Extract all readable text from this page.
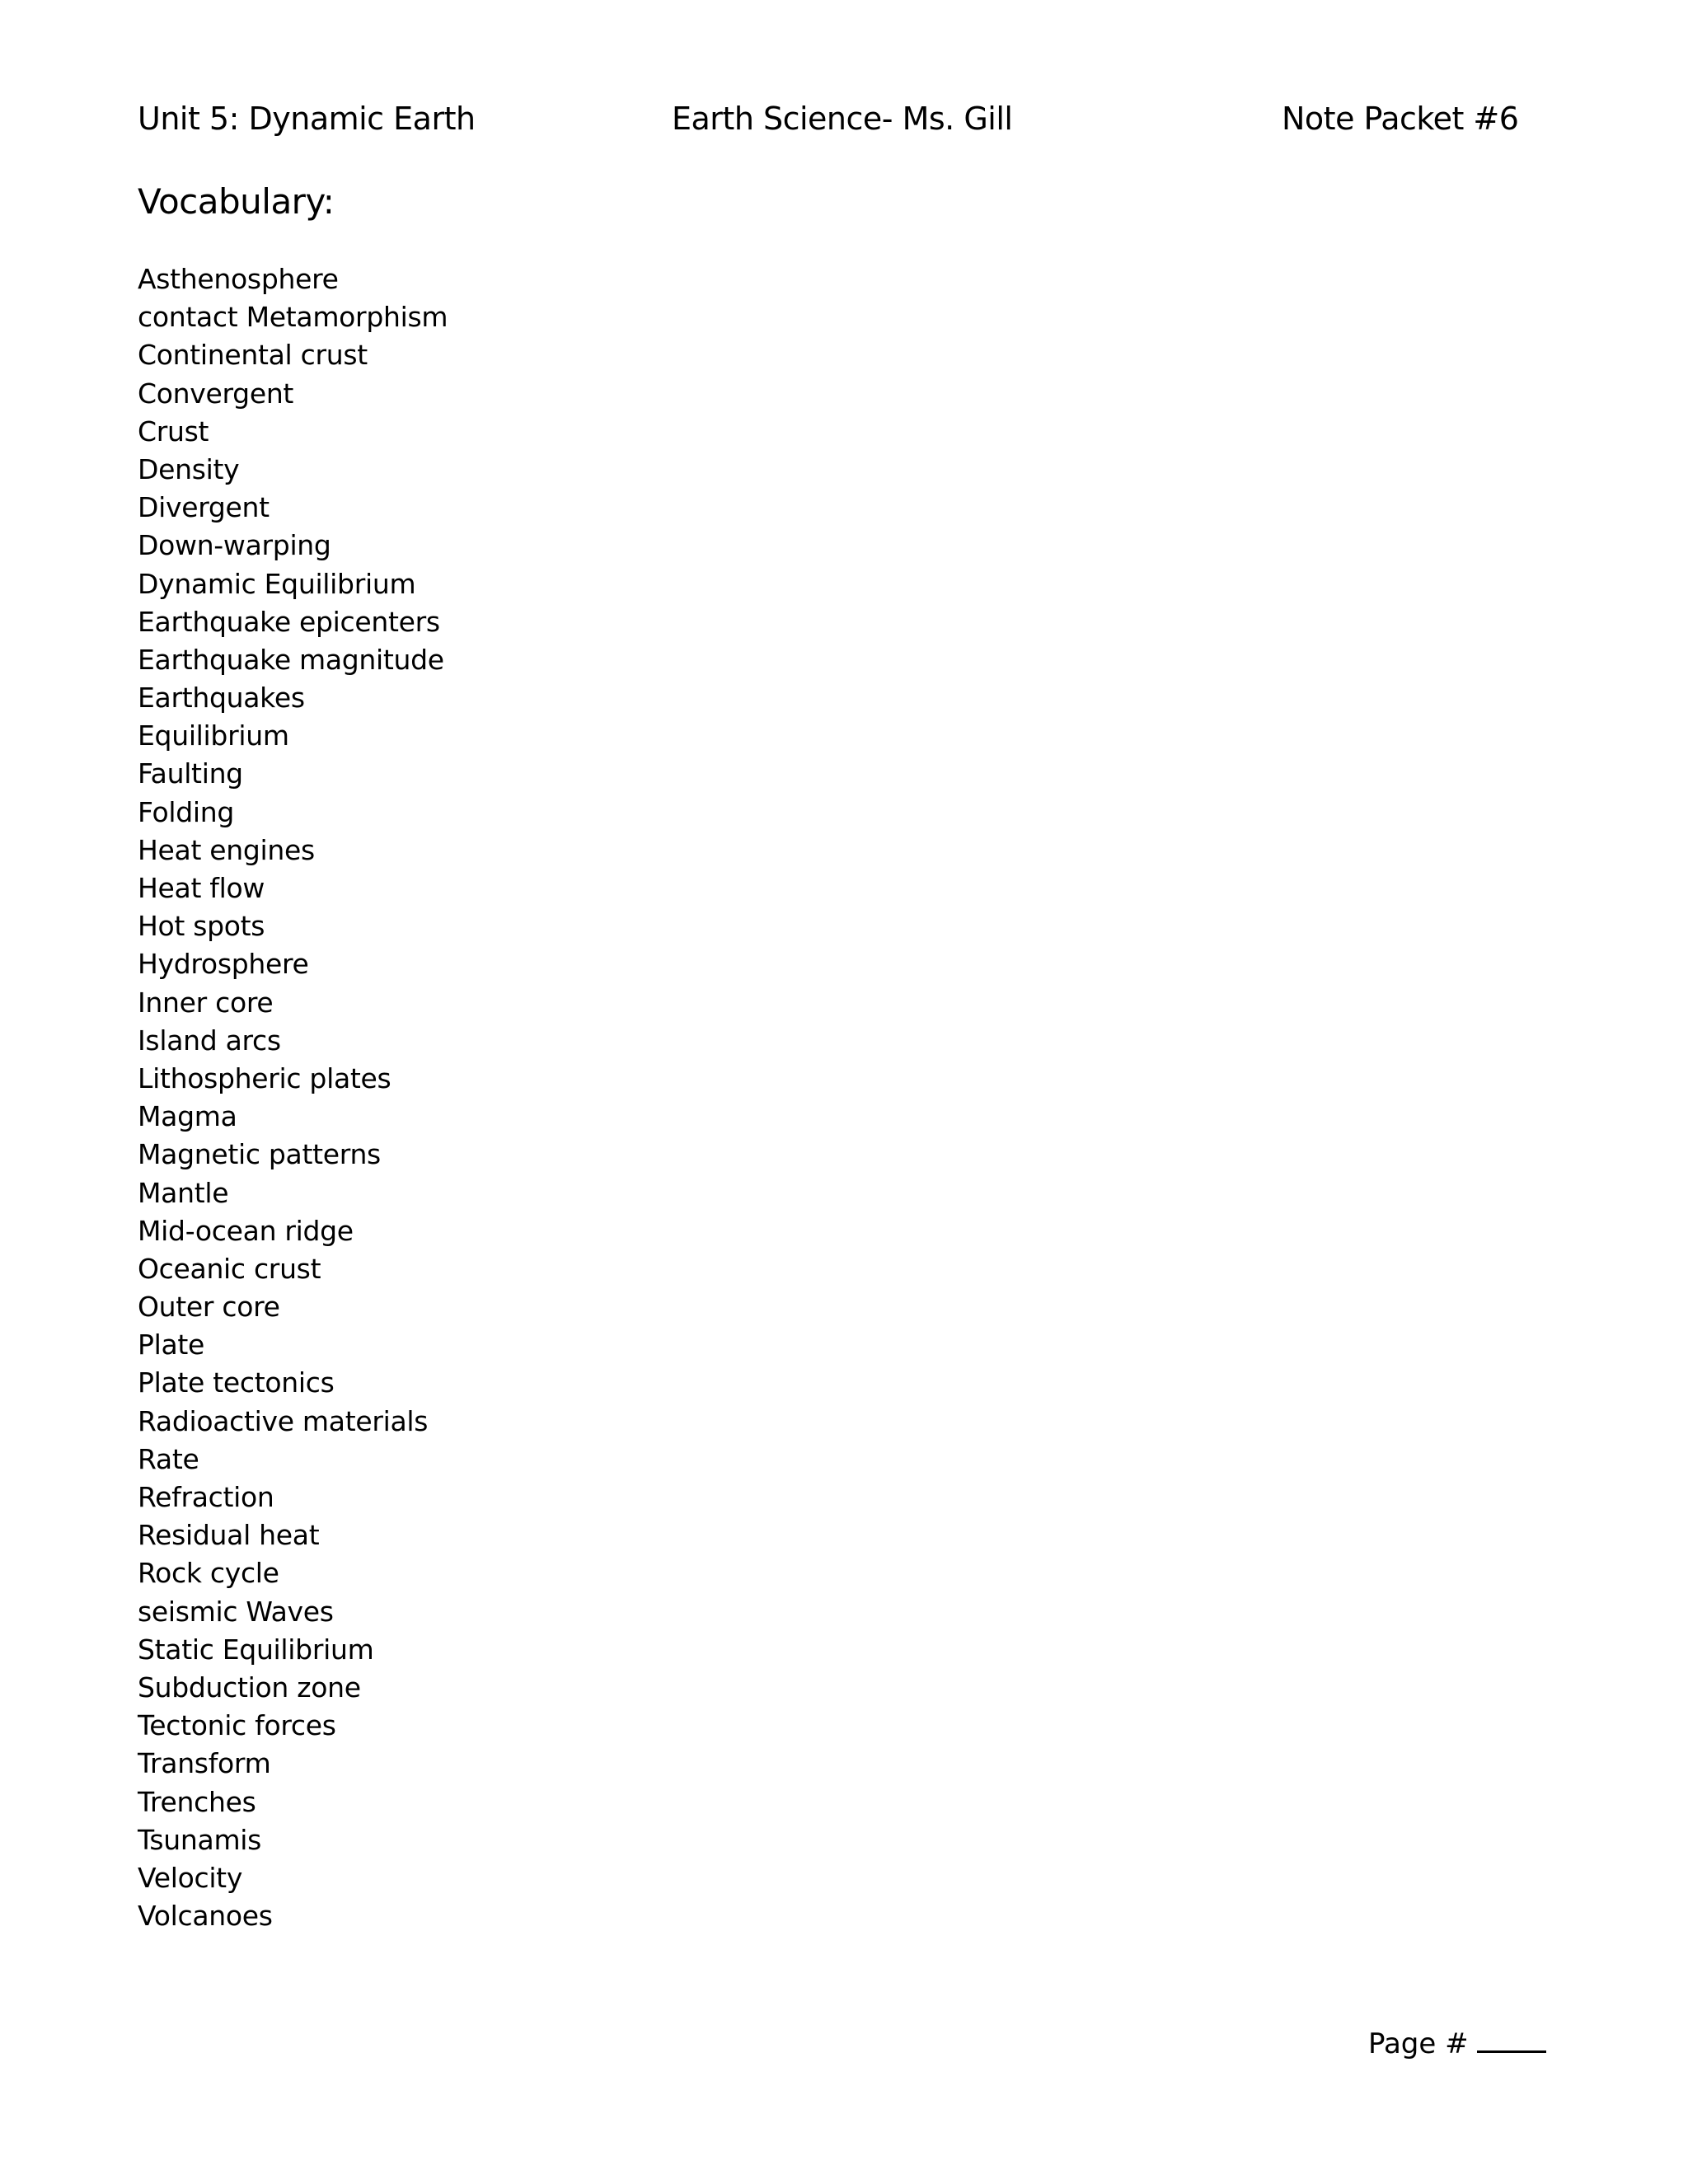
Unit 5: Dynamic Earth	Earth Science- Ms. Gill	Note Packet #6
Vocabulary:
Asthenosphere
contact Metamorphism
Continental crust
Convergent
Crust
Density
Divergent
Down-warping
Dynamic Equilibrium
Earthquake epicenters
Earthquake magnitude
Earthquakes
Equilibrium
Faulting
Folding
Heat engines
Heat flow
Hot spots
Hydrosphere
Inner core
Island arcs
Lithospheric plates
Magma
Magnetic patterns
Mantle
Mid-ocean ridge
Oceanic crust
Outer core
Plate
Plate tectonics
Radioactive materials
Rate
Refraction
Residual heat
Rock cycle
seismic Waves
Static Equilibrium
Subduction zone
Tectonic forces
Transform
Trenches
Tsunamis
Velocity
Volcanoes
Page #
